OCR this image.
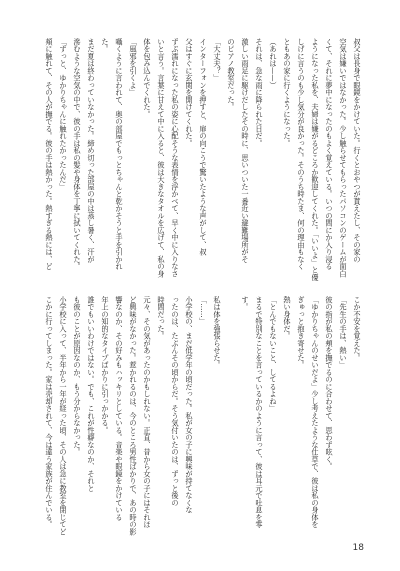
叔父は長身で眼鏡をかけていた。行くとおやつが貰えたし、その家の
空気は嫌いではなかった。少し触らせてもらったパソコンのゲームが面白
くて、それに夢中になったのもよく覚えている。いつの間にか入り浸る
ようになった私を、夫婦は嫌がるどころか歓迎してくれた。「いいよ」と優
しげに言うのも少し気分が良かった。そのうち時たま、何の理由もなく
ともあの家に行くようになった。
（あれは——）
それは、急な雨に降られた日だ。
激しい雨足に駆けだしたその時に、思いついた一番近い避難場所がそ
のピアノ教室だった。
「大丈夫？」
インターフォンを押すと、扉の向こうで驚いたような声がして、叔
父はすぐに玄関を開けてくれた。
ずぶ濡れになった私の姿に心配そうな表情を浮かべて、早く中に入りなさ
いと言う。言葉に甘えて中に入ると、彼は大きなタオルを広げて、私の身
体を包み込んでくれた。
「風邪を引くよ」
囁くように言われて、奥の部屋でもっとちゃんと乾かそうと手を引かれ
た。
まだ夏は終わっていなかった。締め切った部屋の中は蒸し暑く、汗が
滲むような空気の中で、彼の手は私の髪や身体を丁寧に拭いてくれた。
「ずっと、ゆかりちゃんに触れたかったんだ」
頬に触れて、その人が撫でる。彼の手は熱かった。熱すぎる熱には、ど
こか不安を覚えた。
「先生の手は、熱い」
彼の指が私の頬を撫でるのに合わせて、思わず呟く。
「ゆかりちゃんのせいだよ」少し考えたような仕草で、彼は私の身体を
ぎゅっと抱き寄せた。
熱い身体だ。
「とんでもないこと、してるよね」
まるで特別なことを言っているかのように言って、彼は耳元で吐息を零
す。
私は体を強張らせた。
「……」
小学校の、まだ低学年の頃だった。私が女の子に興味が持てなくな
ったのは、たぶんその頃からだ。そう気付いたのは、ずっと後の
時間だった。
元々、その気があったのかもしれない。正直、昔から女の子にはそれほ
ど興味がなかった。惹かれるのは、今のところ男性ばかりで、あの時の影
響なのか、その好みもハッキリとしている。音楽や眼鏡をかけている
年上の知的なタイプばかりに引っかかる。
誰でもいいわけではない。でも、これが性癖なのか、それと
も彼のことが原因なのか、もう分からなかった。
小学校に入って、半年から一年が経った頃、その人は急に教室を閉じてど
こかに行ってしまった。家は売却されて、今は違う家族が住んでいる。
18
